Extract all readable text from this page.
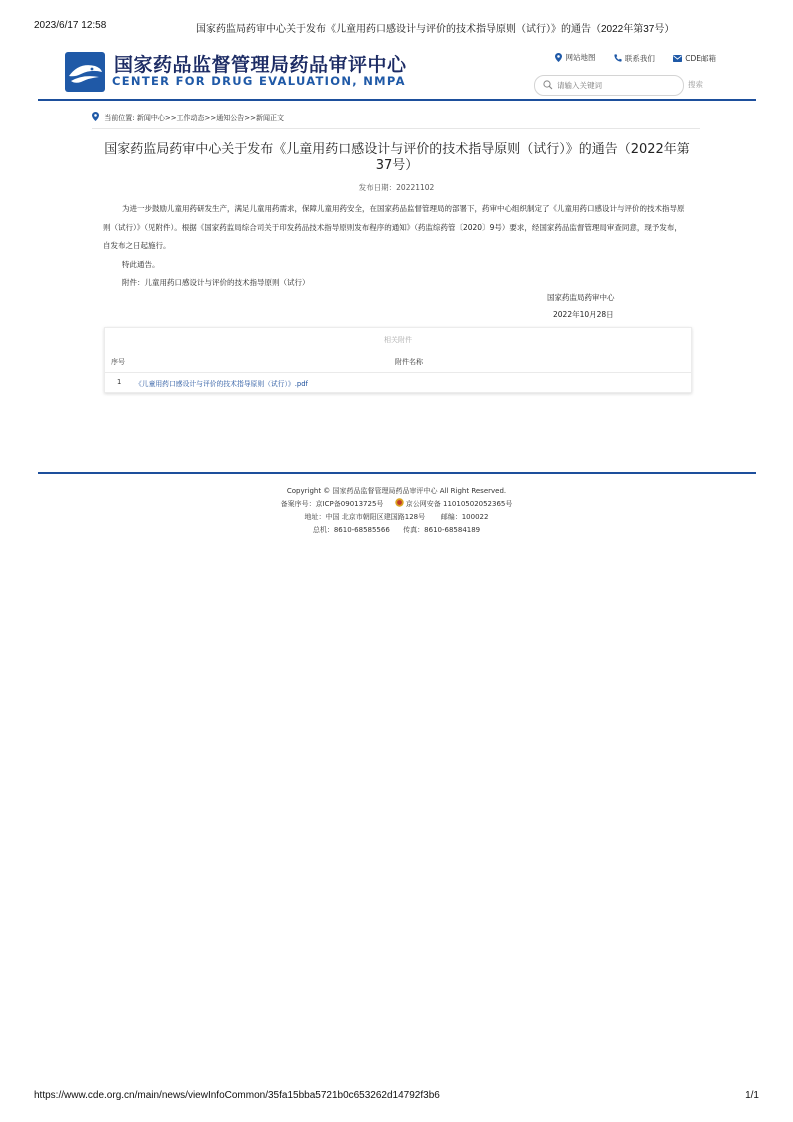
2023/6/17 12:58	国家药监局药审中心关于发布《儿童用药口感设计与评价的技术指导原则（试行）》的通告（2022年第37号）
国家药品监督管理局药品审评中心
CENTER FOR DRUG EVALUATION, NMPA
网站地图
	联系我们
	CDE邮箱
请输入关键词
搜索
当前位置: 新闻中心>>工作动态>>通知公告>>新闻正文
国家药监局药审中心关于发布《儿童用药口感设计与评价的技术指导原则（试行）》的通告（2022年第37号）
发布日期：20221102

为进一步鼓励儿童用药研发生产，满足儿童用药需求，保障儿童用药安全，在国家药品监督管理局的部署下，药审中心组织制定了《儿童用药口感设计与评价的技术指导原则（试行）》（见附件）。根据《国家药监局综合司关于印发药品技术指导原则发布程序的通知》（药监综药管〔2020〕9号）要求，经国家药品监督管理局审查同意，现予发布，自发布之日起施行。

特此通告。

附件：儿童用药口感设计与评价的技术指导原则（试行）

国家药监局药审中心
2022年10月28日
相关附件
序号	附件名称
1 《儿童用药口感设计与评价的技术指导原则（试行）》.pdf
Copyright © 国家药品监督管理局药品审评中心 All Right Reserved.
备案序号：京ICP备09013725号	京公网安备 11010502052365号
地址：中国 北京市朝阳区建国路128号 邮编：100022
总机：8610-68585566 传真：8610-68584189
https://www.cde.org.cn/main/news/viewInfoCommon/35fa15bba5721b0c653262d14792f3b6	1/1
